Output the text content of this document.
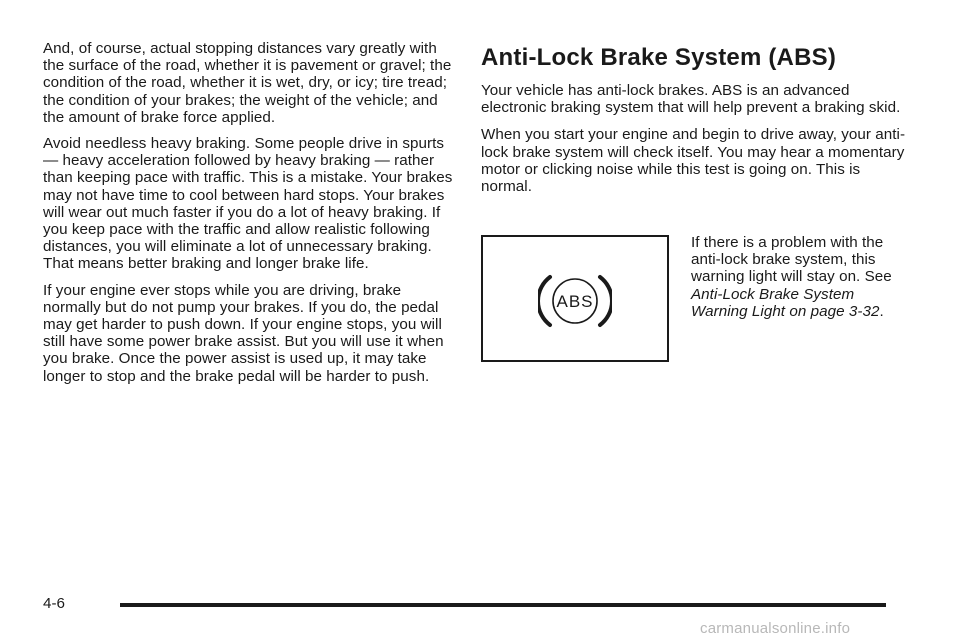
And, of course, actual stopping distances vary greatly with the surface of the road, whether it is pavement or gravel; the condition of the road, whether it is wet, dry, or icy; tire tread; the condition of your brakes; the weight of the vehicle; and the amount of brake force applied.

Avoid needless heavy braking. Some people drive in spurts — heavy acceleration followed by heavy braking — rather than keeping pace with traffic. This is a mistake. Your brakes may not have time to cool between hard stops. Your brakes will wear out much faster if you do a lot of heavy braking. If you keep pace with the traffic and allow realistic following distances, you will eliminate a lot of unnecessary braking. That means better braking and longer brake life.

If your engine ever stops while you are driving, brake normally but do not pump your brakes. If you do, the pedal may get harder to push down. If your engine stops, you will still have some power brake assist. But you will use it when you brake. Once the power assist is used up, it may take longer to stop and the brake pedal will be harder to push.

Anti-Lock Brake System (ABS)

Your vehicle has anti-lock brakes. ABS is an advanced electronic braking system that will help prevent a braking skid.

When you start your engine and begin to drive away, your anti-lock brake system will check itself. You may hear a momentary motor or clicking noise while this test is going on. This is normal.

ABS

If there is a problem with the anti-lock brake system, this warning light will stay on. See Anti-Lock Brake System Warning Light on page 3-32.

4-6
carmanualsonline.info
